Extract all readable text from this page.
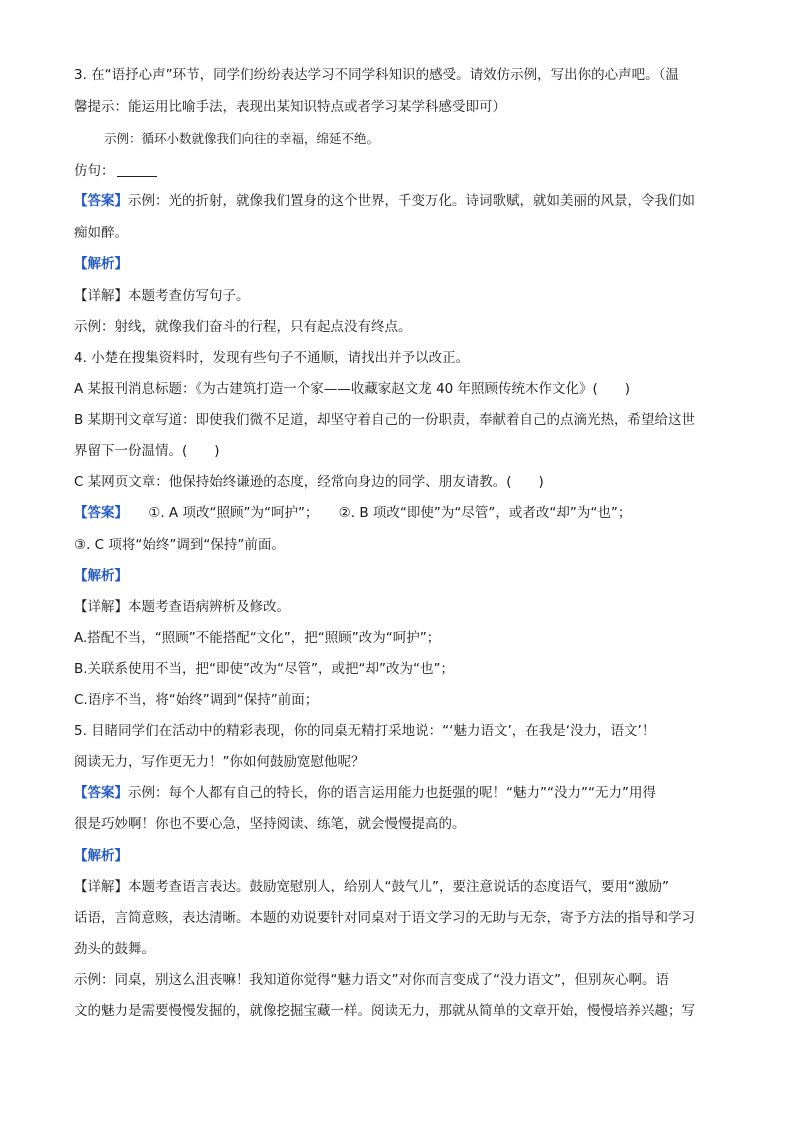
3. 在“语抒心声”环节，同学们纷纷表达学习不同学科知识的感受。请效仿示例，写出你的心声吧。（温
馨提示：能运用比喻手法，表现出某知识特点或者学习某学科感受即可）
示例：循环小数就像我们向往的幸福，绵延不绝。
仿句：
【答案】示例：光的折射，就像我们置身的这个世界，千变万化。诗词歌赋，就如美丽的风景，令我们如
痴如醉。
【解析】
【详解】本题考查仿写句子。
示例：射线，就像我们奋斗的行程，只有起点没有终点。
4. 小楚在搜集资料时，发现有些句子不通顺，请找出并予以改正。
A 某报刊消息标题：《为古建筑打造一个家——收藏家赵文龙 40 年照顾传统木作文化》(　　)
B 某期刊文章写道：即使我们微不足道，却坚守着自己的一份职责，奉献着自己的点滴光热，希望给这世
界留下一份温情。(　　)
C 某网页文章：他保持始终谦逊的态度，经常向身边的同学、朋友请教。(　　)
【答案】　　①. A 项改“照顾”为“呵护”；　　②. B 项改“即使”为“尽管”，或者改“却”为“也”；
③. C 项将“始终”调到“保持”前面。
【解析】
【详解】本题考查语病辨析及修改。
A.搭配不当，“照顾”不能搭配“文化”，把“照顾”改为“呵护”；
B.关联系使用不当，把“即使”改为“尽管”，或把“却”改为“也”；
C.语序不当，将“始终”调到“保持”前面；
5. 目睹同学们在活动中的精彩表现，你的同桌无精打采地说：“‘魅力语文’，在我是‘没力，语文’！
阅读无力，写作更无力！”你如何鼓励宽慰他呢？
【答案】示例：每个人都有自己的特长，你的语言运用能力也挺强的呢！“魅力”“没力”“无力”用得
很是巧妙啊！你也不要心急，坚持阅读、练笔，就会慢慢提高的。
【解析】
【详解】本题考查语言表达。鼓励宽慰别人，给别人“鼓气儿”，要注意说话的态度语气，要用“激励”
话语，言简意赅，表达清晰。本题的劝说要针对同桌对于语文学习的无助与无奈，寄予方法的指导和学习
劲头的鼓舞。
示例：同桌，别这么沮丧嘛！我知道你觉得“魅力语文”对你而言变成了“没力语文”，但别灰心啊。语
文的魅力是需要慢慢发掘的，就像挖掘宝藏一样。阅读无力，那就从简单的文章开始，慢慢培养兴趣；写
